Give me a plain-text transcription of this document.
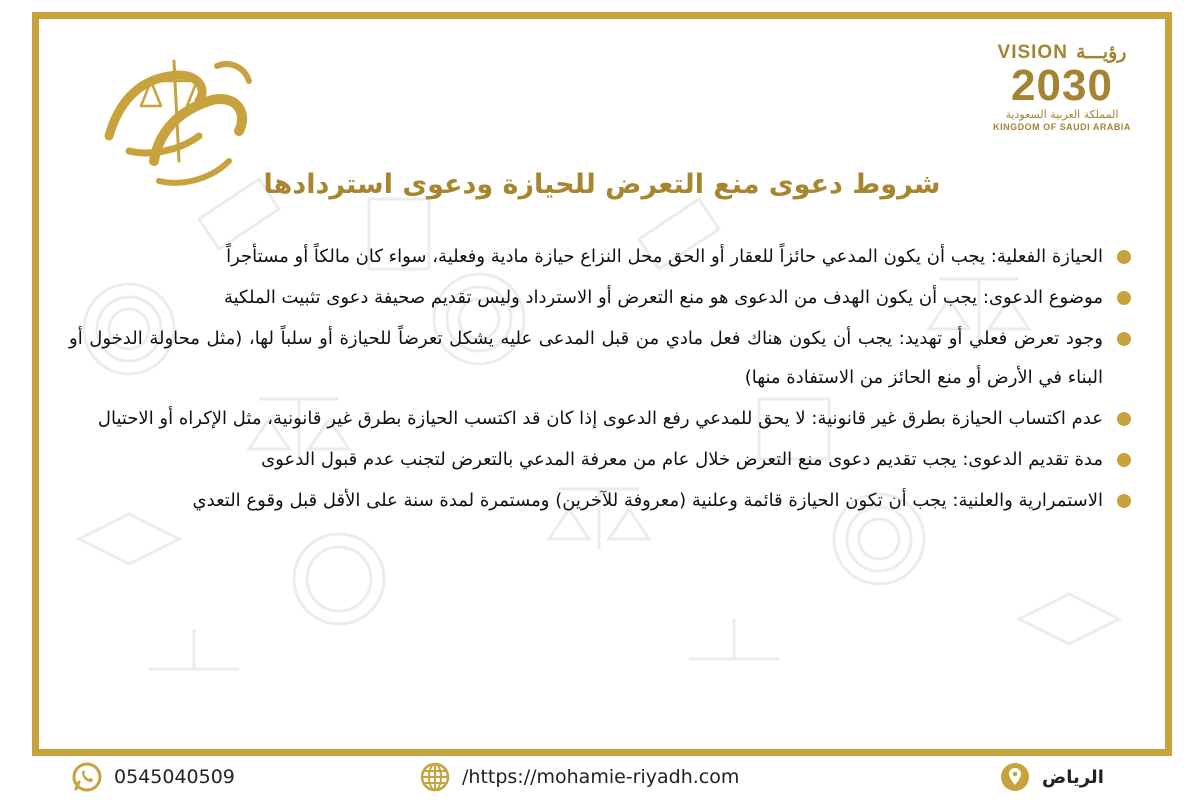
VISION رؤيـــة
2030
المملكة العربية السعودية
KINGDOM OF SAUDI ARABIA
شروط دعوى منع التعرض للحيازة ودعوى استردادها
الحيازة الفعلية: يجب أن يكون المدعي حائزاً للعقار أو الحق محل النزاع حيازة مادية وفعلية، سواء كان مالكاً أو مستأجراً
موضوع الدعوى: يجب أن يكون الهدف من الدعوى هو منع التعرض أو الاسترداد وليس تقديم صحيفة دعوى تثبيت الملكية
وجود تعرض فعلي أو تهديد: يجب أن يكون هناك فعل مادي من قبل المدعى عليه يشكل تعرضاً للحيازة أو سلباً لها، (مثل محاولة الدخول أو البناء في الأرض أو منع الحائز من الاستفادة منها)
عدم اكتساب الحيازة بطرق غير قانونية: لا يحق للمدعي رفع الدعوى إذا كان قد اكتسب الحيازة بطرق غير قانونية، مثل الإكراه أو الاحتيال
مدة تقديم الدعوى: يجب تقديم دعوى منع التعرض خلال عام من معرفة المدعي بالتعرض لتجنب عدم قبول الدعوى
الاستمرارية والعلنية: يجب أن تكون الحيازة قائمة وعلنية (معروفة للآخرين) ومستمرة لمدة سنة على الأقل قبل وقوع التعدي
0545040509	/https://mohamie-riyadh.com	الرياض
